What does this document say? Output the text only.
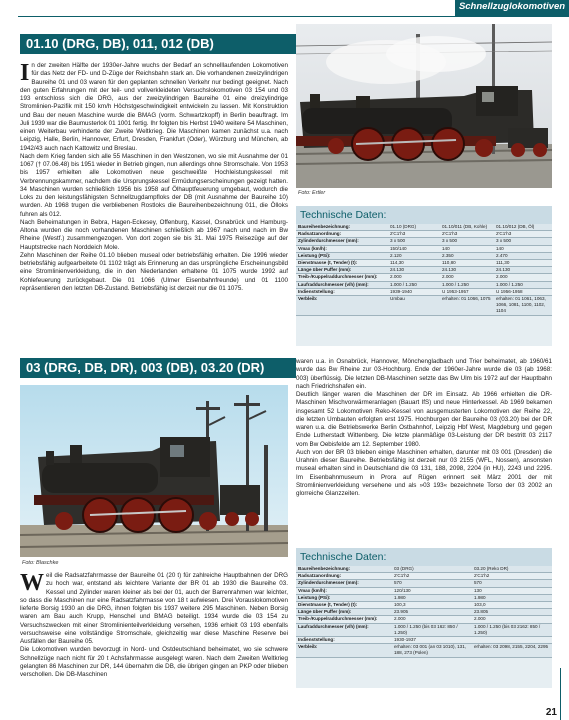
Schnellzuglokomotiven
01.10 (DRG, DB), 011, 012 (DB)
I n der zweiten Hälfte der 1930er-Jahre wuchs der Bedarf an schnelllaufenden Lokomotiven für das Netz der FD- und D-Züge der Reichsbahn stark an. Die vorhandenen zweizylindrigen Baureihe 01 und 03 waren für den geplanten schnellen Verkehr nur bedingt geeignet. Nach den guten Erfahrungen mit der teil- und vollverkleideten Versuchslokomotiven 03 154 und 03 193 entschloss sich die DRG, aus der zweizylindrigen Baureihe 01 eine dreizylindrige Stromlinien-Pazifik mit 150 km/h Höchstgeschwindigkeit entwickeln zu lassen. Mit Konstruktion und Bau der neuen Maschine wurde die BMAG (vorm. Schwartzkopff) in Berlin beauftragt. Im Juli 1939 war die Baumusterlok 01 1001 fertig. Ihr folgten bis Herbst 1940 weitere 54 Maschinen, einen Weiterbau verhinderte der Zweite Weltkrieg. Die Maschinen kamen zunächst u.a. nach Leipzig, Halle, Berlin, Hannover, Erfurt, Dresden, Frankfurt (Oder), Würzburg und München, ab 1942/43 auch nach Kattowitz und Breslau.

Nach dem Krieg fanden sich alle 55 Maschinen in den Westzonen, wo sie mit Ausnahme der 01 1067 († 07.06.48) bis 1951 wieder in Betrieb gingen, nun allerdings ohne Stromschale. Von 1953 bis 1957 erhielten alle Lokomotiven neue geschweißte Hochleistungskessel mit Verbrennungskammer, nachdem die Ursprungskessel Ermüdungserscheinungen gezeigt hatten. 34 Maschinen wurden schließlich 1956 bis 1958 auf Ölhauptfeuerung umgebaut, wodurch die Loks zu den leistungsfähigsten Schnellzugdampfloks der DB (mit Ausnahme der Baureihe 10) wurden. Ab 1968 trugen die verbliebenen Rostloks die Baureihenbezeichnung 011, die Ölloks fuhren als 012.

Nach Beheimatungen in Bebra, Hagen-Eckesey, Offenburg, Kassel, Osnabrück und Hamburg-Altona wurden die noch vorhandenen Maschinen schließlich ab 1967 nach und nach im Bw Rheine (Westf.) zusammengezogen. Von dort zogen sie bis 31. Mai 1975 Reisezüge auf der Hauptstrecke nach Norddeich Mole.

Zehn Maschinen der Reihe 01.10 blieben museal oder betriebsfähig erhalten. Die 1996 wieder betriebsfähig aufgearbeitete 01 1102 trägt als Erinnerung an das ursprüngliche Erscheinungsbild eine Stromlinienverkleidung, die in den Niederlanden erhaltene 01 1075 wurde 1992 auf Kohlefeuerung zurückgebaut. Die 01 1066 (Ulmer Eisenbahnfreunde) und 01 1100 repräsentieren den letzten DB-Zustand. Betriebsfähig ist derzeit nur die 01 1075.

Foto: Ertler
Technische Daten:
Baureihenbezeichnung:	01.10 (DRG)	01.10/011 (DB, Kohle)	01.10/012 (DB, Öl)
Radsatzanordnung:	2'C1'h3	2'C1'h3	2'C1'h3
Zylinderdurchmesser (mm):	3 x 500	3 x 500	3 x 500
Vmax (km/h):	150/140	140	140
Leistung (PSi):	2.120	2.350	2.470
Dienstmasse (t, Tender) (t):	114,30	110,80	111,30
Länge über Puffer (mm):	24.130	24.130	24.130
Treib-/Kuppelraddurchmesser (mm):	2.000	2.000	2.000
Laufraddurchmesser (v/h) (mm):	1.000 / 1.250	1.000 / 1.250	1.000 / 1.250
Indienststellung:	1939-1940	U 1953-1957	U 1956-1958
Verbleib:	Umbau	erhalten: 01 1066, 1075	erhalten: 01 1061, 1063, 1066, 1081, 1100, 1102, 1104
03 (DRG, DB, DR), 003 (DB), 03.20 (DR)
Foto: Blaschke
W eil die Radsatzfahrmasse der Baureihe 01 (20 t) für zahlreiche Hauptbahnen der DRG zu hoch war, entstand als leichtere Variante der BR 01 ab 1930 die Baureihe 03. Kessel und Zylinder waren kleiner als bei der 01, auch der Barrenrahmen war leichter, so dass die Maschinen nur eine Radsatzfahrmasse von 18 t aufwiesen. Drei Vorauslokomotiven lieferte Borsig 1930 an die DRG, ihnen folgten bis 1937 weitere 295 Maschinen. Neben Borsig waren am Bau auch Krupp, Henschel und BMAG beteiligt. 1934 wurde die 03 154 zu Versuchszwecken mit einer Stromlinienteilverkleidung versehen, 1936 erhielt 03 193 ebenfalls versuchsweise eine vollständige Stromschale, gleichzeitig war diese Maschine Reserve bei Ausfällen der Baureihe 05.

Die Lokomotiven wurden bevorzugt in Nord- und Ostdeutschland beheimatet, wo sie schwere Schnellzüge nach nicht für 20 t Achsfahrmasse ausgelegt waren. Nach dem Zweiten Weltkrieg gelangten 86 Maschinen zur DR, 144 übernahm die DB, die übrigen gingen an PKP oder blieben verschollen. Die DB-Maschinen

waren u.a. in Osnabrück, Hannover, Mönchengladbach und Trier beheimatet, ab 1960/61 wurde das Bw Rheine zur 03-Hochburg. Ende der 1960er-Jahre wurde die 03 (ab 1968: 003) überflüssig. Die letzten DB-Maschinen setzte das Bw Ulm bis 1972 auf der Hauptbahn nach Friedrichshafen ein.

Deutlich länger waren die Maschinen der DR im Einsatz. Ab 1966 erhielten die DR-Maschinen Mischvorwärmeranlagen (Bauart IfS) und neue Hinterkessel. Ab 1969 bekamen insgesamt 52 Lokomotiven Reko-Kessel von ausgemusterten Lokomotiven der Reihe 22, die letzten Umbauten erfolgten erst 1975. Hochburgen der Baureihe 03 (03.20) bei der DR waren u.a. die Betriebswerke Berlin Ostbahnhof, Leipzig Hbf West, Magdeburg und gegen Ende Lutherstadt Wittenberg. Die letzte planmäßige 03-Leistung der DR bestritt 03 2117 vom Bw Oebisfelde am 12. September 1980.

Auch von der BR 03 blieben einige Maschinen erhalten, darunter mit 03 001 (Dresden) die Urahnin dieser Baureihe. Betriebsfähig ist derzeit nur 03 2155 (WFL, Nossen), ansonsten museal erhalten sind in Deutschland die 03 131, 188, 2098, 2204 (in HU), 2243 und 2295. Im Eisenbahnmuseum in Prora auf Rügen erinnert seit März 2001 der mit Stromlinienverkleidung versehene und als »03 193« bezeichnete Torso der 03 2002 an glorreiche Glanzzeiten.

Technische Daten:
Baureihenbezeichnung:	03 (DRG)	03.20 (Reko DR)
Radsatzanordnung:	2'C1'h2	2'C1'h2
Zylinderdurchmesser (mm):	570	570
Vmax (km/h):	120/130	130
Leistung (PSi):	1.980	1.980
Dienstmasse (t, Tender) (t):	100,3	103,0
Länge über Puffer (mm):	23.905	23.805
Treib-/Kuppelraddurchmesser (mm):	2.000	2.000
Laufraddurchmesser (v/h) (mm):	1.000 / 1.250 (bis 03 162: 850 / 1.250)	1.000 / 1.250 (bis 03 2162: 850 / 1.250)
Indienststellung:	1930-1937	
Verbleib:	erhalten: 03 001 (an 03 1010), 131, 188, 273 (Polen)	erhalten: 03 2098, 2155, 2204, 2295
21
